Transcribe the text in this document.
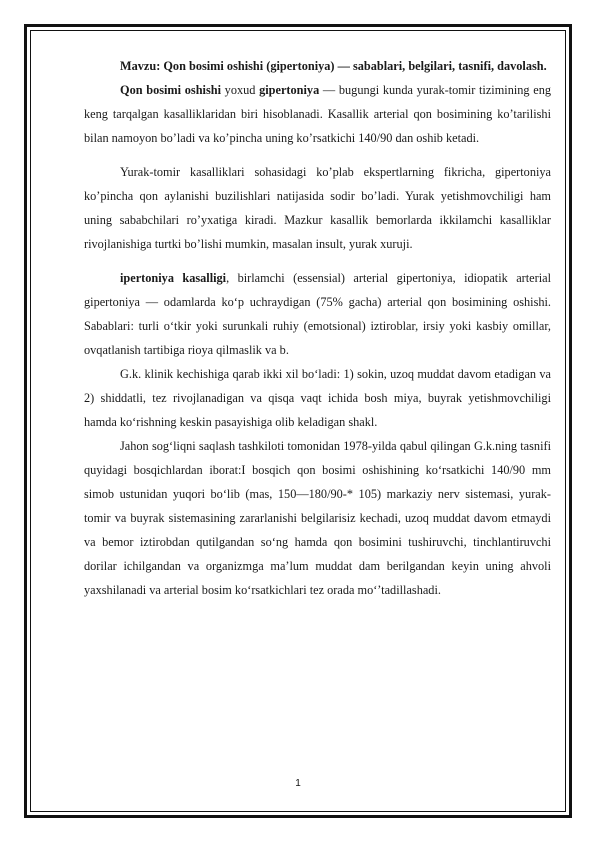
Mavzu: Qon bosimi oshishi (gipertoniya) — sabablari, belgilari, tasnifi, davolash.

Qon bosimi oshishi yoxud gipertoniya — bugungi kunda yurak-tomir tizimining eng keng tarqalgan kasalliklaridan biri hisoblanadi. Kasallik arterial qon bosimining ko’tarilishi bilan namoyon bo’ladi va ko’pincha uning ko’rsatkichi 140/90 dan oshib ketadi.

Yurak-tomir kasalliklari sohasidagi ko’plab ekspertlarning fikricha, gipertoniya ko’pincha qon aylanishi buzilishlari natijasida sodir bo’ladi. Yurak yetishmovchiligi ham uning sababchilari ro’yxatiga kiradi. Mazkur kasallik bemorlarda ikkilamchi kasalliklar rivojlanishiga turtki bo’lishi mumkin, masalan insult, yurak xuruji.

ipertoniya kasalligi, birlamchi (essensial) arterial gipertoniya, idiopatik arterial gipertoniya — odamlarda ko‘p uchraydigan (75% gacha) arterial qon bosimining oshishi. Sabablari: turli o‘tkir yoki surunkali ruhiy (emotsional) iztiroblar, irsiy yoki kasbiy omillar, ovqatlanish tartibiga rioya qilmaslik va b.

G.k. klinik kechishiga qarab ikki xil bo‘ladi: 1) sokin, uzoq muddat davom etadigan va 2) shiddatli, tez rivojlanadigan va qisqa vaqt ichida bosh miya, buyrak yetishmovchiligi hamda ko‘rishning keskin pasayishiga olib keladigan shakl.

Jahon sog‘liqni saqlash tashkiloti tomonidan 1978-yilda qabul qilingan G.k.ning tasnifi quyidagi bosqichlardan iborat:I bosqich qon bosimi oshishining ko‘rsatkichi 140/90 mm simob ustunidan yuqori bo‘lib (mas, 150—180/90-* 105) markaziy nerv sistemasi, yurak-tomir va buyrak sistemasining zararlanishi belgilarisiz kechadi, uzoq muddat davom etmaydi va bemor iztirobdan qutilgandan so‘ng hamda qon bosimini tushiruvchi, tinchlantiruvchi dorilar ichilgandan va organizmga ma’lum muddat dam berilgandan keyin uning ahvoli yaxshilanadi va arterial bosim ko‘rsatkichlari tez orada mo‘’tadillashadi.

1
